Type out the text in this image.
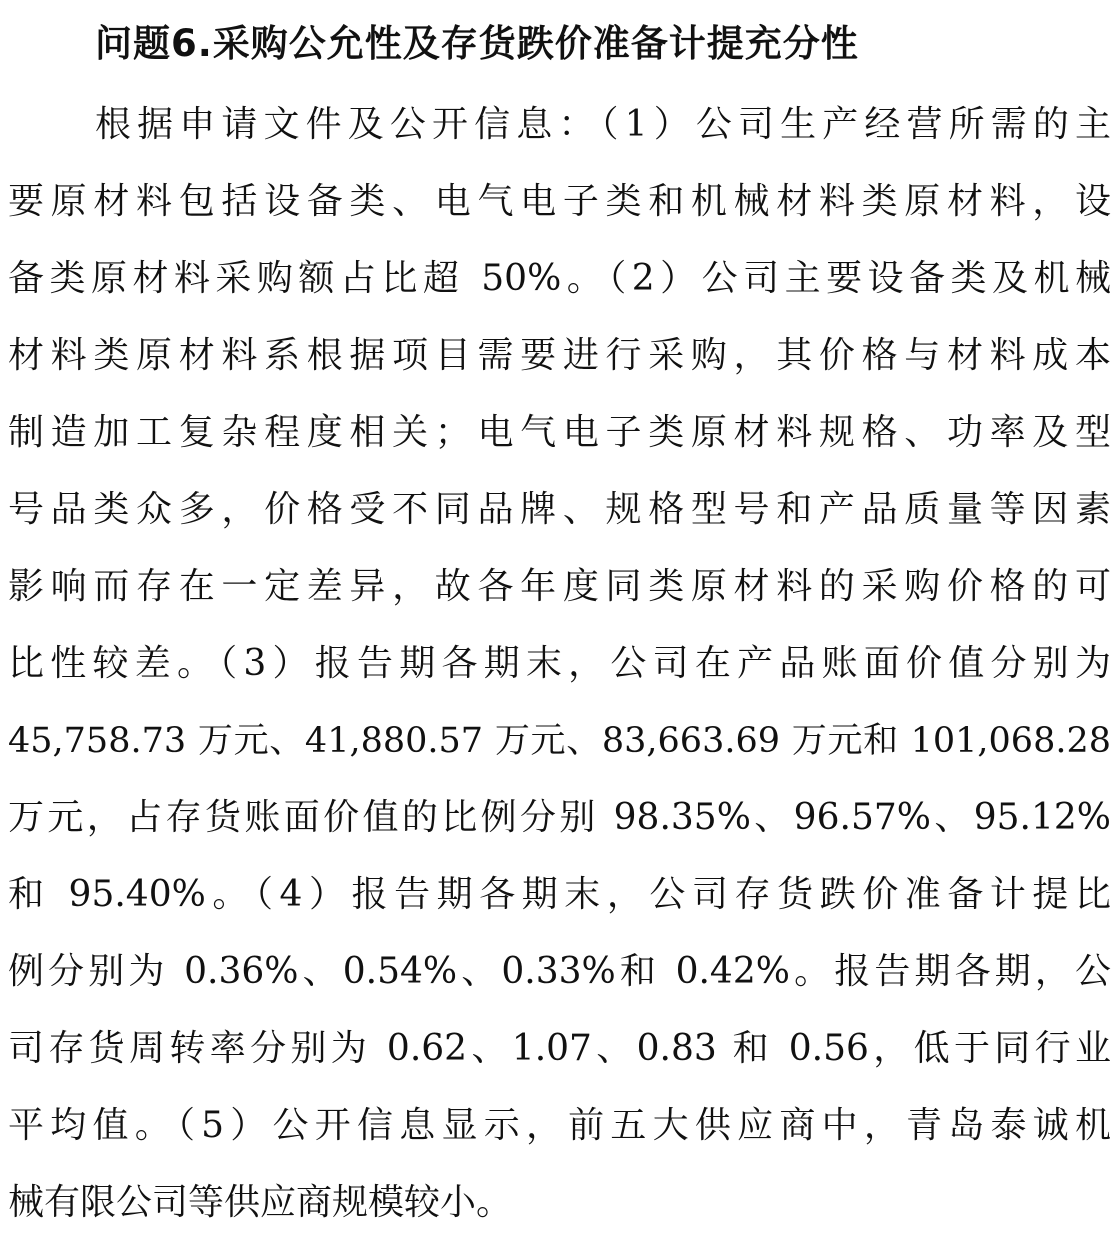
问题6.采购公允性及存货跌价准备计提充分性
根据申请文件及公开信息：（1）公司生产经营所需的主
要原材料包括设备类、电气电子类和机械材料类原材料，设
备类原材料采购额占比超 50%。（2）公司主要设备类及机械
材料类原材料系根据项目需要进行采购，其价格与材料成本
制造加工复杂程度相关；电气电子类原材料规格、功率及型
号品类众多，价格受不同品牌、规格型号和产品质量等因素
影响而存在一定差异，故各年度同类原材料的采购价格的可
比性较差。（3）报告期各期末，公司在产品账面价值分别为
45,758.73 万元、41,880.57 万元、83,663.69 万元和 101,068.28
万元，占存货账面价值的比例分别 98.35%、96.57%、95.12%
和 95.40%。（4）报告期各期末，公司存货跌价准备计提比
例分别为 0.36%、0.54%、0.33%和 0.42%。报告期各期，公
司存货周转率分别为 0.62、1.07、0.83 和 0.56，低于同行业
平均值。（5）公开信息显示，前五大供应商中，青岛泰诚机
械有限公司等供应商规模较小。
